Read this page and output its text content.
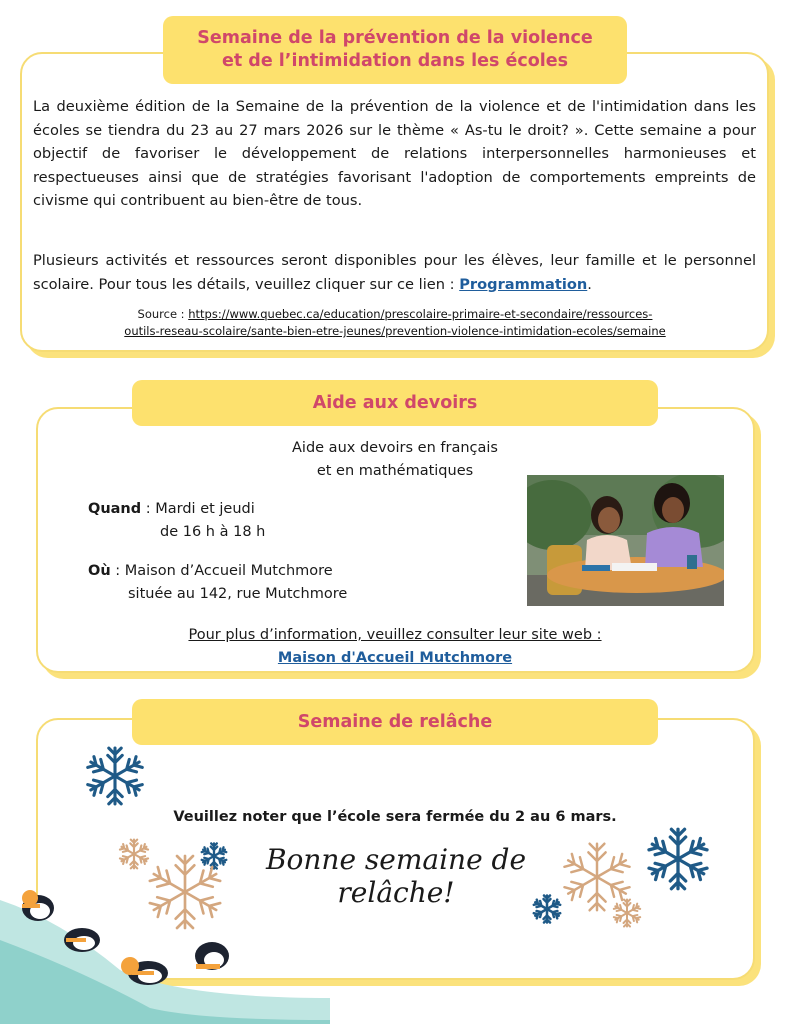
Semaine de la prévention de la violence
et de l’intimidation dans les écoles

La deuxième édition de la Semaine de la prévention de la violence et de l'intimidation dans les écoles se tiendra du 23 au 27 mars 2026 sur le thème « As-tu le droit? ». Cette semaine a pour objectif de favoriser le développement de relations interpersonnelles harmonieuses et respectueuses ainsi que de stratégies favorisant l'adoption de comportements empreints de civisme qui contribuent au bien-être de tous.

Plusieurs activités et ressources seront disponibles pour les élèves, leur famille et le personnel scolaire. Pour tous les détails, veuillez cliquer sur ce lien : Programmation.

Source : https://www.quebec.ca/education/prescolaire-primaire-et-secondaire/ressources-
outils-reseau-scolaire/sante-bien-etre-jeunes/prevention-violence-intimidation-ecoles/semaine
Aide aux devoirs
Aide aux devoirs en français
et en mathématiques
Quand : Mardi et jeudi
de 16 h à 18 h
Où : Maison d’Accueil Mutchmore
située au 142, rue Mutchmore
Pour plus d’information, veuillez consulter leur site web :
Maison d'Accueil Mutchmore
Semaine de relâche
Veuillez noter que l’école sera fermée du 2 au 6 mars.
Bonne semaine de relâche!
